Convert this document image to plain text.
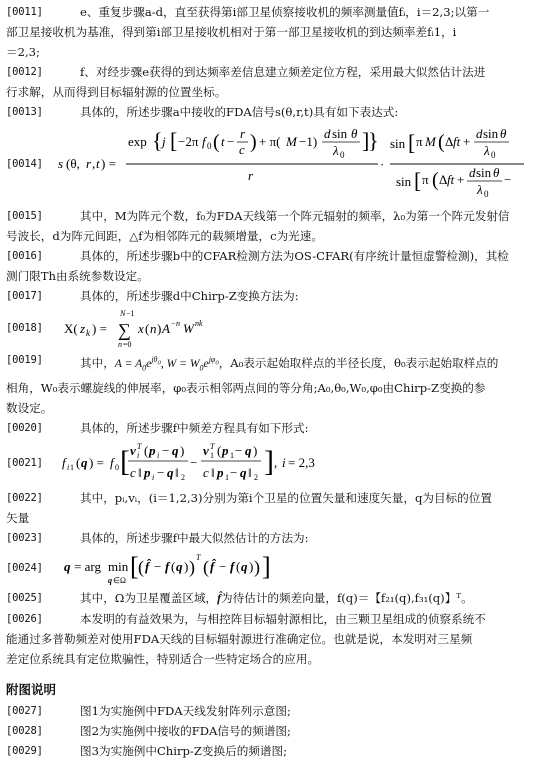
[0011]	e、重复步骤a-d，直至获得第i部卫星侦察接收机的频率测量值fᵢ，i＝2,3;以第一
部卫星接收机为基准，得到第i部卫星接收机相对于第一部卫星接收机的到达频率差fᵢ1，i
＝2,3;
[0012]	f、对经步骤e获得的到达频率差信息建立频差定位方程，采用最大似然估计法进
行求解，从而得到目标辐射源的位置坐标。
[0013]	具体的，所述步骤a中接收的FDA信号s(θ,r,t)具有如下表达式:
[0014]	s (θ, r , t ) =
exp { j [ −2π f 0 ( t −
r
c ) + π( M −1)
d sin θ
λ 0
]
}
r
·
sin [ π M ( Δ ft +
d sin θ
λ 0
sin [ π ( Δ ft + d sin θ
λ 0
−
[0015]	其中，M为阵元个数，f₀为FDA天线第一个阵元辐射的频率，λ₀为第一个阵元发射信
号波长，d为阵元间距，△f为相邻阵元的载频增量，c为光速。
[0016]	具体的，所述步骤b中的CFAR检测方法为OS-CFAR(有序统计量恒虚警检测)，其检
测门限Th由系统参数设定。
[0017]	具体的，所述步骤d中Chirp-Z变换方法为:
[0018]	X( z k ) =
N −1
∑
n =0
x ( n ) A − n W nk
[0019]	其中，$A = A_0e^{j\theta_0}$, $W = W_0e^{j\varphi_0}$，A₀表示起始取样点的半径长度，θ₀表示起始取样点的
相角，W₀表示螺旋线的伸展率，φ₀表示相邻两点间的等分角;A₀,θ₀,W₀,φ₀由Chirp-Z变换的参
数设定。
[0020]	具体的，所述步骤f中频差方程具有如下形式:
[0021]	f i 1 ( q ) = f 0 [ v i
T ( p i − q )
c ‖ p i − q ‖ 2
−
v 1
T ( p 1 − q )
c ‖ p 1 − q ‖ 2 ] , i = 2,3
[0022]	其中，pᵢ,vᵢ，(i＝1,2,3)分别为第i个卫星的位置矢量和速度矢量，q为目标的位置
矢量
[0023]	具体的，所述步骤f中最大似然估计的方法为:
[0024]	q = arg min
q ∈Ω [ ( f̂ − f ( q ) ) T ( f̂ − f ( q ) ) ]
[0025]	其中，Ω为卫星覆盖区域，f̂为待估计的频差向量，f(q)＝【f₂₁(q),f₃₁(q)】ᵀ。
[0026]	本发明的有益效果为，与相控阵目标辐射源相比，由三颗卫星组成的侦察系统不
能通过多普勒频差对使用FDA天线的目标辐射源进行准确定位。也就是说，本发明对三星频
差定位系统具有定位欺骗性，特别适合一些特定场合的应用。
附图说明
[0027]	图1为实施例中FDA天线发射阵列示意图;
[0028]	图2为实施例中接收的FDA信号的频谱图;
[0029]	图3为实施例中Chirp-Z变换后的频谱图;
